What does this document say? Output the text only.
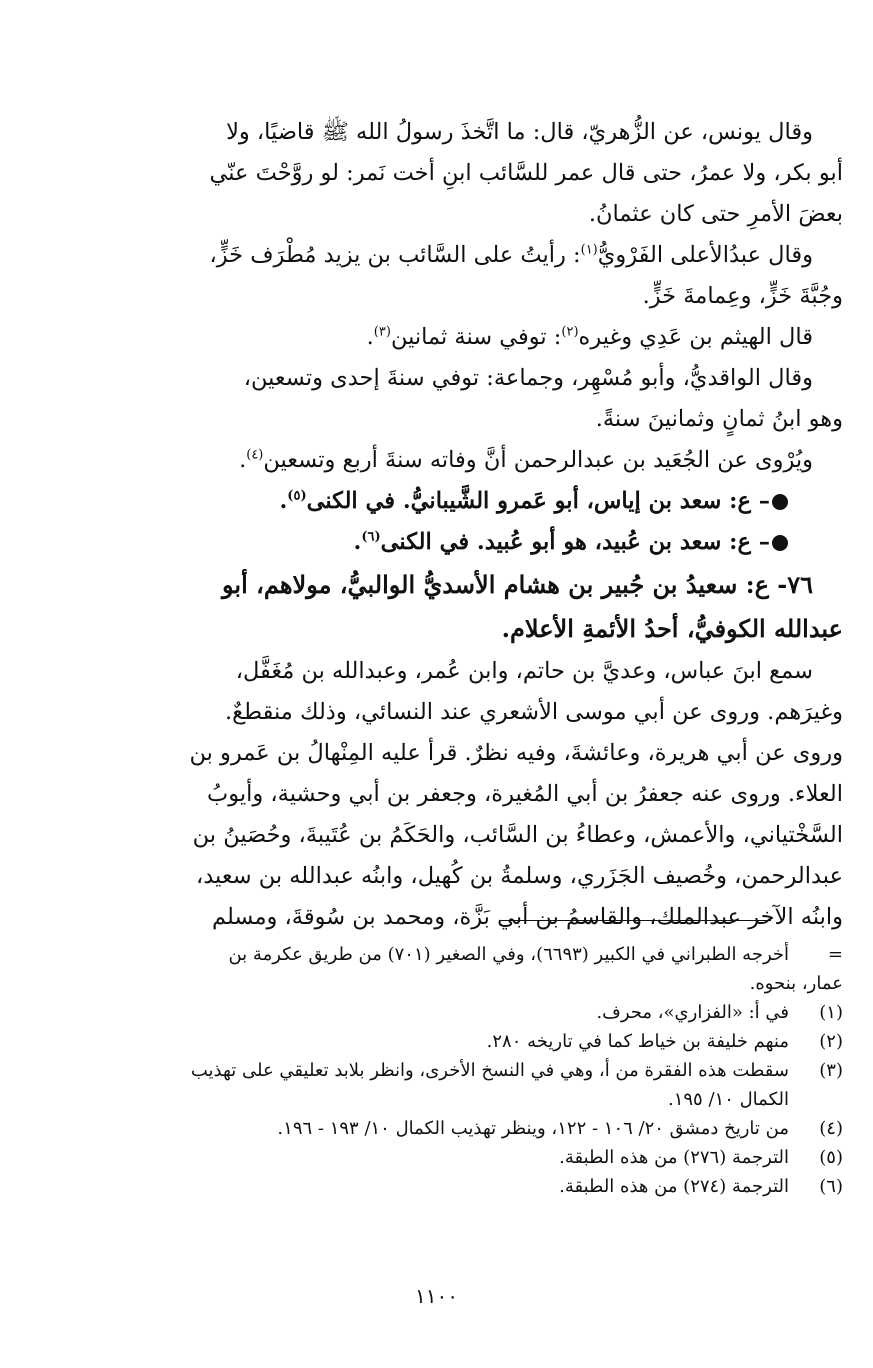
وقال يونس، عن الزُّهريّ، قال: ما اتَّخذَ رسولُ الله ﷺ قاضيًا، ولا
أبو بكر، ولا عمرُ، حتى قال عمر للسَّائب ابنِ أخت نَمر: لو روَّحْتَ عنّي
بعضَ الأمرِ حتى كان عثمانُ.
وقال عبدُالأعلى الفَرْويُّ$^{(١)}$: رأيتُ على السَّائب بن يزيد مُطْرَف خَزٍّ،
وجُبَّةَ خَزٍّ، وعِمامةَ خَزٍّ.
قال الهيثم بن عَدِي وغيره$^{(٢)}$: توفي سنة ثمانين$^{(٣)}$.
وقال الواقديُّ، وأبو مُسْهِر، وجماعة: توفي سنةَ إحدى وتسعين،
وهو ابنُ ثمانٍ وثمانينَ سنةً.
ويُرْوى عن الجُعَيد بن عبدالرحمن أنَّ وفاته سنةَ أربع وتسعين$^{(٤)}$.
– ع: سعد بن إياس، أبو عَمرو الشَّيبانيُّ. في الكنى$^{(٥)}$.
– ع: سعد بن عُبيد، هو أبو عُبيد. في الكنى$^{(٦)}$.
٧٦- ع: سعيدُ بن جُبير بن هشام الأسديُّ الوالبيُّ، مولاهم، أبو
عبدالله الكوفيُّ، أحدُ الأئمةِ الأعلام.
سمع ابنَ عباس، وعديَّ بن حاتم، وابن عُمر، وعبدالله بن مُغَفَّل،
وغيرَهم. وروى عن أبي موسى الأشعري عند النسائي، وذلك منقطعٌ.
وروى عن أبي هريرة، وعائشةَ، وفيه نظرٌ. قرأ عليه المِنْهالُ بن عَمرو بن
العلاء. وروى عنه جعفرُ بن أبي المُغيرة، وجعفر بن أبي وحشية، وأيوبُ
السَّخْتياني، والأعمش، وعطاءُ بن السَّائب، والحَكَمُ بن عُتَيبةَ، وحُصَينُ بن
عبدالرحمن، وخُصيف الجَزَري، وسلمةُ بن كُهيل، وابنُه عبدالله بن سعيد،
وابنُه الآخر عبدالملك، والقاسمُ بن أبي بَزَّة، ومحمد بن سُوقةَ، ومسلم
=
أخرجه الطبراني في الكبير (٦٦٩٣)، وفي الصغير (٧٠١) من طريق عكرمة بن
عمار، بنحوه.
(١)
في أ: «الفزاري»، محرف.
(٢)
منهم خليفة بن خياط كما في تاريخه ٢٨٠.
(٣)
سقطت هذه الفقرة من أ، وهي في النسخ الأخرى، وانظر بلابد تعليقي على تهذيب
الكمال ١٠/ ١٩٥.
(٤)
من تاريخ دمشق ٢٠/ ١٠٦ - ١٢٢، وينظر تهذيب الكمال ١٠/ ١٩٣ - ١٩٦.
(٥)
الترجمة (٢٧٦) من هذه الطبقة.
(٦)
الترجمة (٢٧٤) من هذه الطبقة.
١١٠٠
